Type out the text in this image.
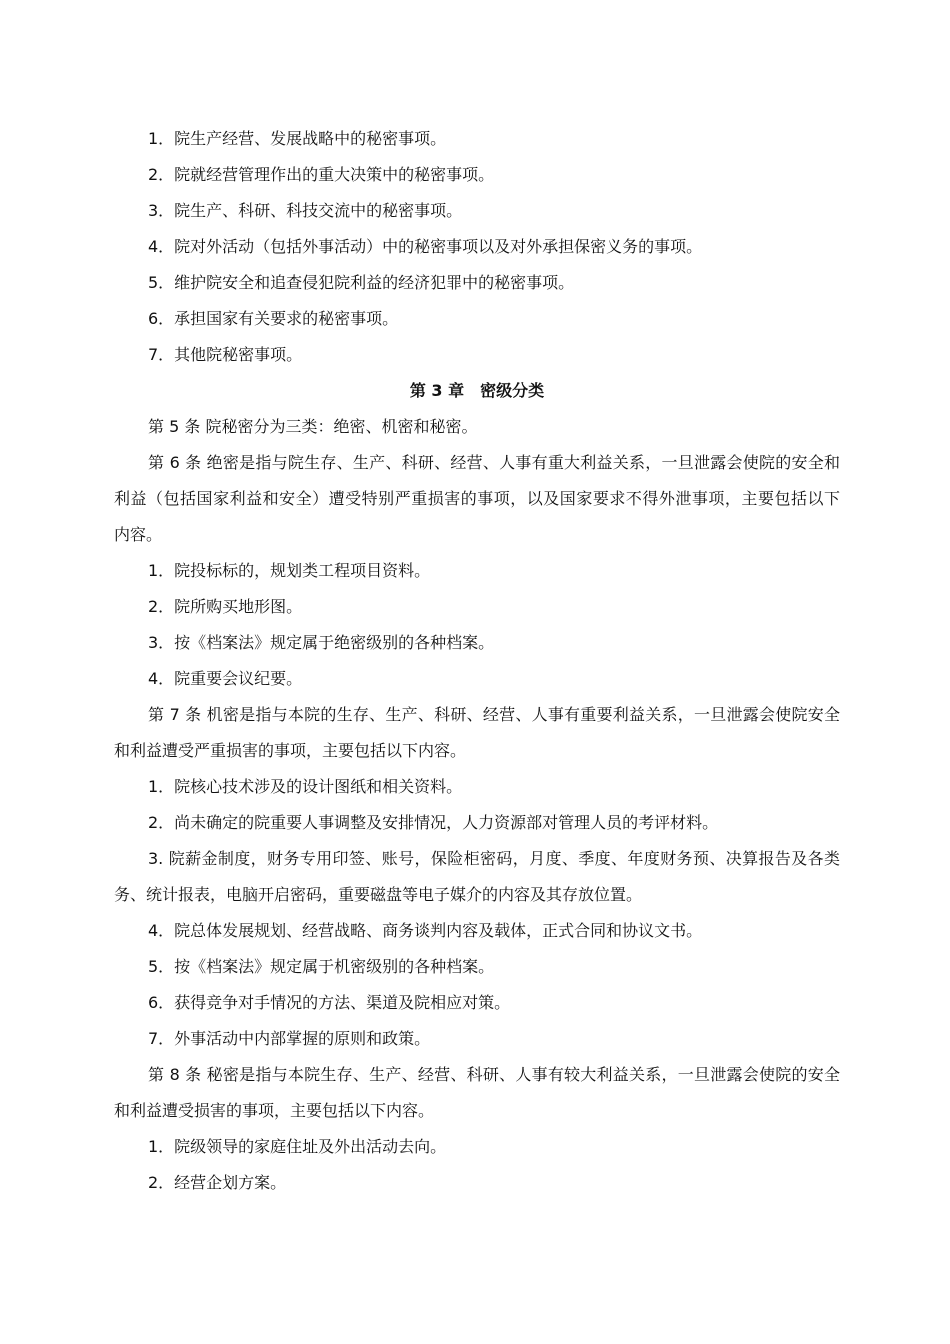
1．院生产经营、发展战略中的秘密事项。
2．院就经营管理作出的重大决策中的秘密事项。
3．院生产、科研、科技交流中的秘密事项。
4．院对外活动（包括外事活动）中的秘密事项以及对外承担保密义务的事项。
5．维护院安全和追查侵犯院利益的经济犯罪中的秘密事项。
6．承担国家有关要求的秘密事项。
7．其他院秘密事项。
第 3 章 密级分类
第 5 条 院秘密分为三类：绝密、机密和秘密。
第 6 条 绝密是指与院生存、生产、科研、经营、人事有重大利益关系，一旦泄露会使院的安全和
利益（包括国家利益和安全）遭受特别严重损害的事项，以及国家要求不得外泄事项，主要包括以下
内容。
1．院投标标的，规划类工程项目资料。
2．院所购买地形图。
3．按《档案法》规定属于绝密级别的各种档案。
4．院重要会议纪要。
第 7 条 机密是指与本院的生存、生产、科研、经营、人事有重要利益关系，一旦泄露会使院安全
和利益遭受严重损害的事项，主要包括以下内容。
1．院核心技术涉及的设计图纸和相关资料。
2．尚未确定的院重要人事调整及安排情况，人力资源部对管理人员的考评材料。
3. 院薪金制度，财务专用印签、账号，保险柜密码，月度、季度、年度财务预、决算报告及各类
务、统计报表，电脑开启密码，重要磁盘等电子媒介的内容及其存放位置。
4．院总体发展规划、经营战略、商务谈判内容及载体，正式合同和协议文书。
5．按《档案法》规定属于机密级别的各种档案。
6．获得竞争对手情况的方法、渠道及院相应对策。
7．外事活动中内部掌握的原则和政策。
第 8 条 秘密是指与本院生存、生产、经营、科研、人事有较大利益关系，一旦泄露会使院的安全
和利益遭受损害的事项，主要包括以下内容。
1．院级领导的家庭住址及外出活动去向。
2．经营企划方案。
